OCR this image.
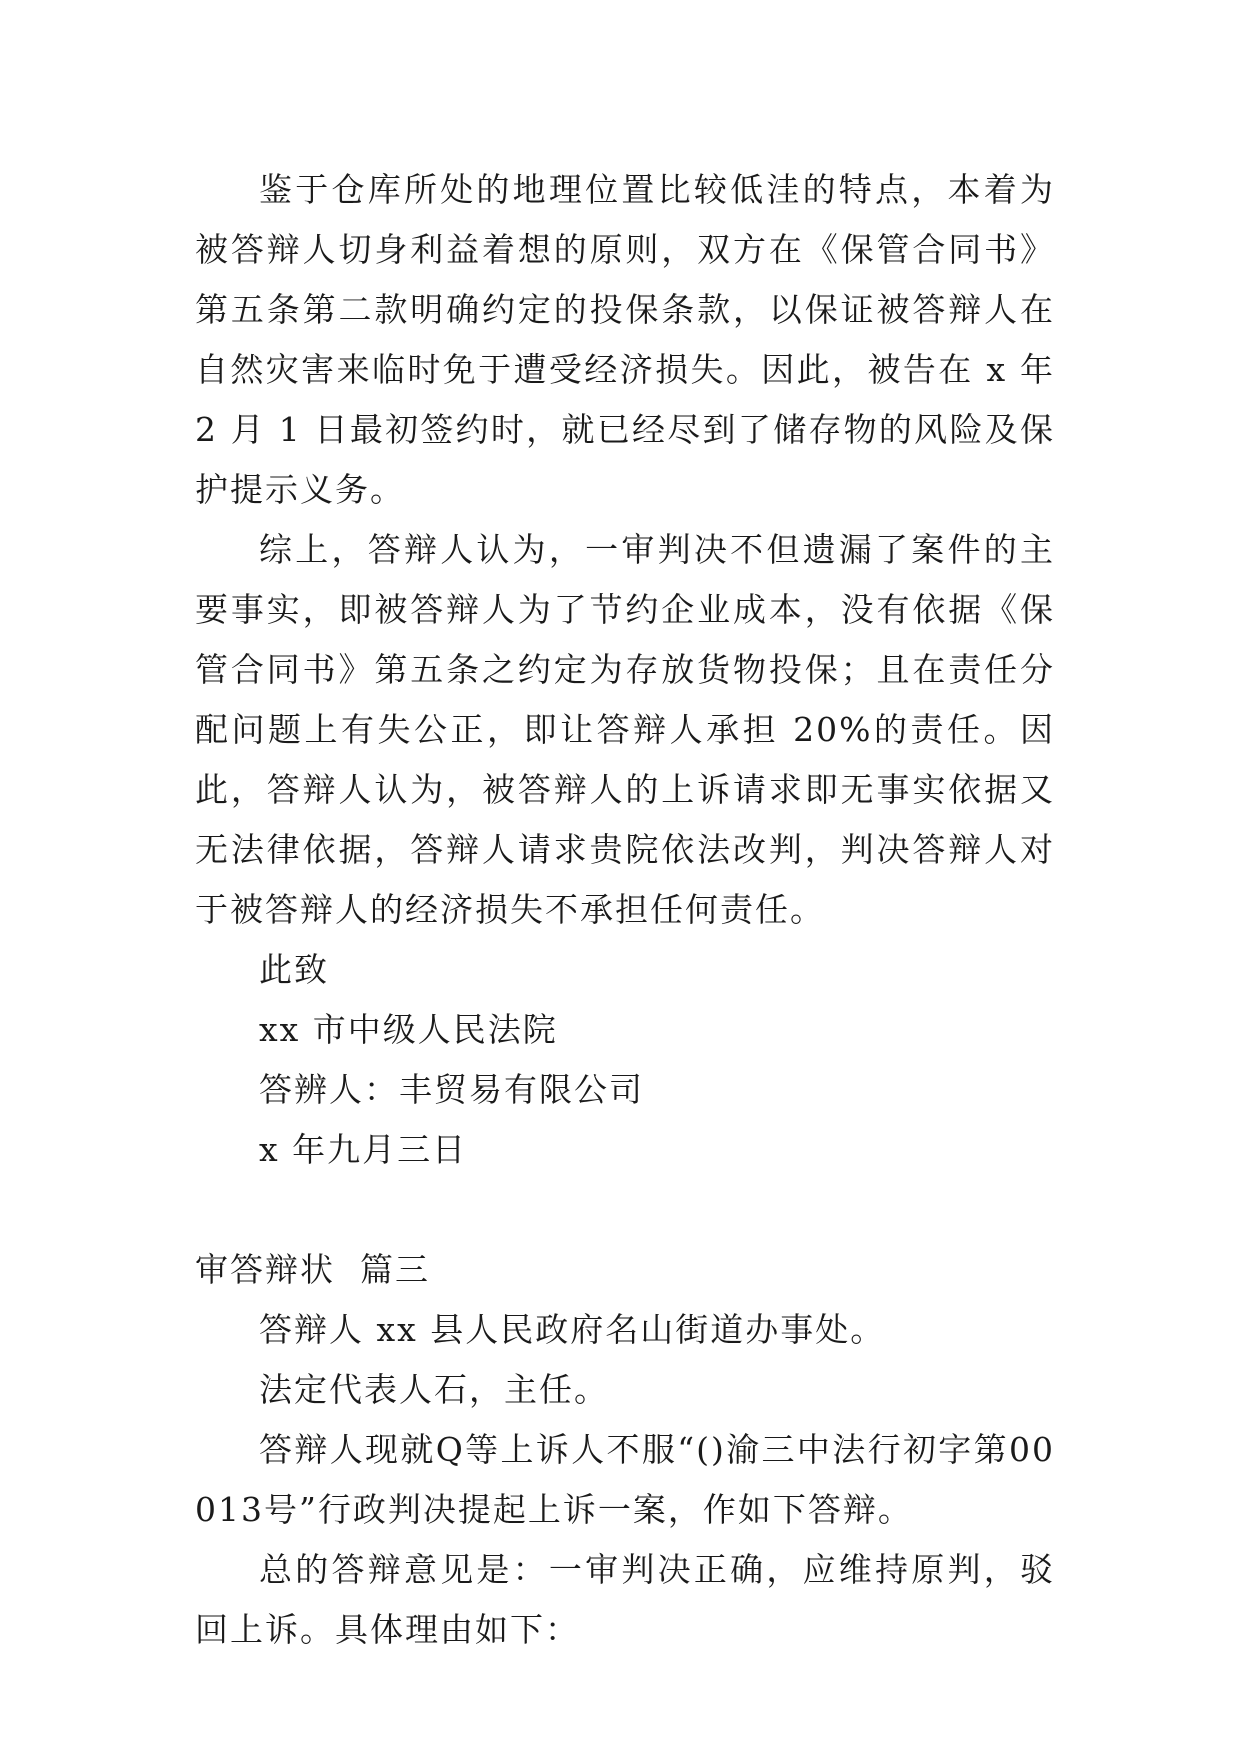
鉴于仓库所处的地理位置比较低洼的特点，本着为被答辩人切身利益着想的原则，双方在《保管合同书》第五条第二款明确约定的投保条款，以保证被答辩人在自然灾害来临时免于遭受经济损失。因此，被告在 x 年 2 月 1 日最初签约时，就已经尽到了储存物的风险及保护提示义务。

综上，答辩人认为，一审判决不但遗漏了案件的主要事实，即被答辩人为了节约企业成本，没有依据《保管合同书》第五条之约定为存放货物投保；且在责任分配问题上有失公正，即让答辩人承担 20%的责任。因此，答辩人认为，被答辩人的上诉请求即无事实依据又无法律依据，答辩人请求贵院依法改判，判决答辩人对于被答辩人的经济损失不承担任何责任。

此致

xx 市中级人民法院

答辨人：丰贸易有限公司

x 年九月三日

审答辩状  篇三

答辩人 xx 县人民政府名山街道办事处。

法定代表人石，主任。

答辩人现就Q等上诉人不服“()渝三中法行初字第00013号”行政判决提起上诉一案，作如下答辩。

总的答辩意见是：一审判决正确，应维持原判，驳回上诉。具体理由如下：
